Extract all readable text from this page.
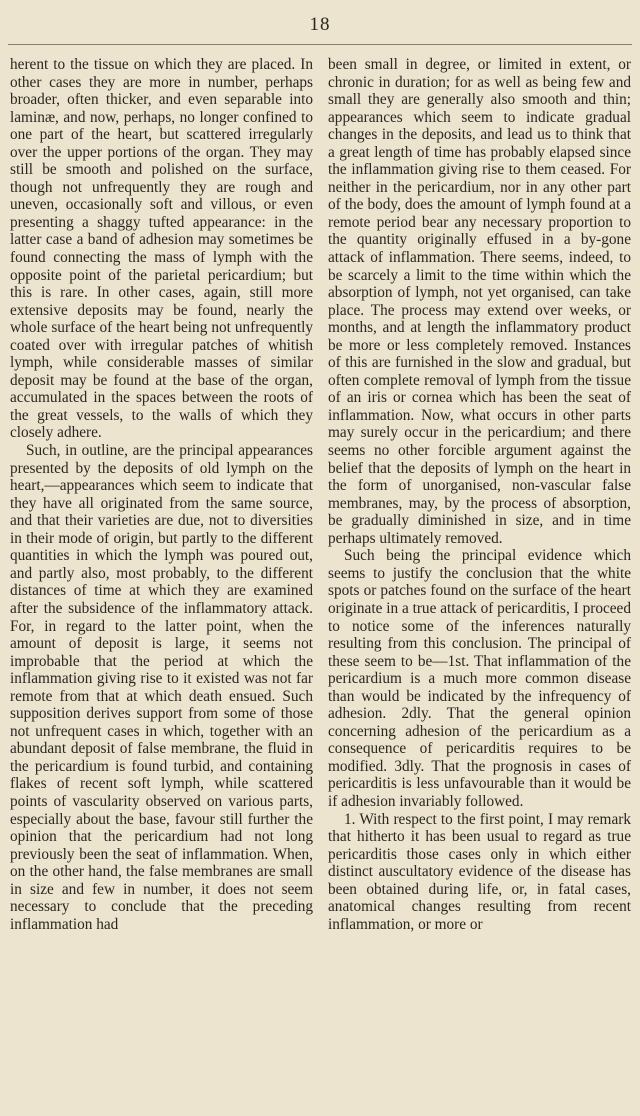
18

herent to the tissue on which they are placed. In other cases they are more in number, perhaps broader, often thicker, and even separable into laminæ, and now, perhaps, no longer confined to one part of the heart, but scattered irregularly over the upper portions of the organ. They may still be smooth and polished on the surface, though not unfrequently they are rough and uneven, occasionally soft and villous, or even presenting a shaggy tufted appearance: in the latter case a band of adhesion may sometimes be found connecting the mass of lymph with the opposite point of the parietal pericardium; but this is rare. In other cases, again, still more extensive deposits may be found, nearly the whole surface of the heart being not unfrequently coated over with irregular patches of whitish lymph, while considerable masses of similar deposit may be found at the base of the organ, accumulated in the spaces between the roots of the great vessels, to the walls of which they closely adhere.

Such, in outline, are the principal appearances presented by the deposits of old lymph on the heart,—appearances which seem to indicate that they have all originated from the same source, and that their varieties are due, not to diversities in their mode of origin, but partly to the different quantities in which the lymph was poured out, and partly also, most probably, to the different distances of time at which they are examined after the subsidence of the inflammatory attack. For, in regard to the latter point, when the amount of deposit is large, it seems not improbable that the period at which the inflammation giving rise to it existed was not far remote from that at which death ensued. Such supposition derives support from some of those not unfrequent cases in which, together with an abundant deposit of false membrane, the fluid in the pericardium is found turbid, and containing flakes of recent soft lymph, while scattered points of vascularity observed on various parts, especially about the base, favour still further the opinion that the pericardium had not long previously been the seat of inflammation. When, on the other hand, the false membranes are small in size and few in number, it does not seem necessary to conclude that the preceding inflammation had

been small in degree, or limited in extent, or chronic in duration; for as well as being few and small they are generally also smooth and thin; appearances which seem to indicate gradual changes in the deposits, and lead us to think that a great length of time has probably elapsed since the inflammation giving rise to them ceased. For neither in the pericardium, nor in any other part of the body, does the amount of lymph found at a remote period bear any necessary proportion to the quantity originally effused in a by-gone attack of inflammation. There seems, indeed, to be scarcely a limit to the time within which the absorption of lymph, not yet organised, can take place. The process may extend over weeks, or months, and at length the inflammatory product be more or less completely removed. Instances of this are furnished in the slow and gradual, but often complete removal of lymph from the tissue of an iris or cornea which has been the seat of inflammation. Now, what occurs in other parts may surely occur in the pericardium; and there seems no other forcible argument against the belief that the deposits of lymph on the heart in the form of unorganised, non-vascular false membranes, may, by the process of absorption, be gradually diminished in size, and in time perhaps ultimately removed.

Such being the principal evidence which seems to justify the conclusion that the white spots or patches found on the surface of the heart originate in a true attack of pericarditis, I proceed to notice some of the inferences naturally resulting from this conclusion. The principal of these seem to be—1st. That inflammation of the pericardium is a much more common disease than would be indicated by the infrequency of adhesion. 2dly. That the general opinion concerning adhesion of the pericardium as a consequence of pericarditis requires to be modified. 3dly. That the prognosis in cases of pericarditis is less unfavourable than it would be if adhesion invariably followed.

1. With respect to the first point, I may remark that hitherto it has been usual to regard as true pericarditis those cases only in which either distinct auscultatory evidence of the disease has been obtained during life, or, in fatal cases, anatomical changes resulting from recent inflammation, or more or
